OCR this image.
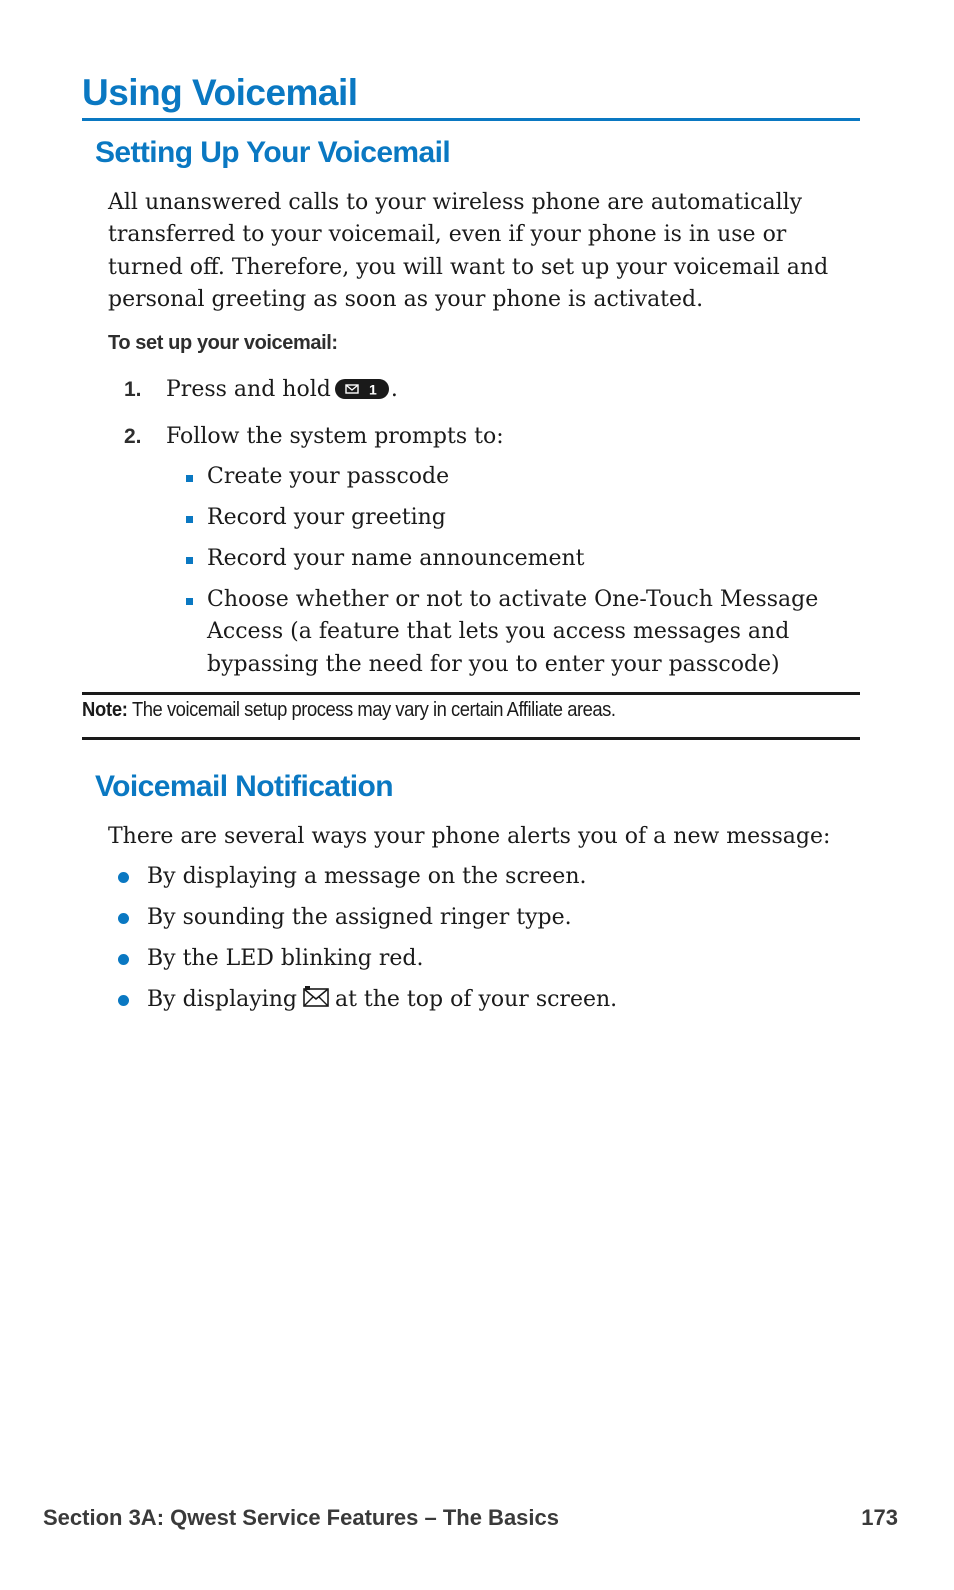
Using Voicemail
Setting Up Your Voicemail

All unanswered calls to your wireless phone are automatically transferred to your voicemail, even if your phone is in use or turned off. Therefore, you will want to set up your voicemail and personal greeting as soon as your phone is activated.

To set up your voicemail:

1. Press and hold	1 .
2. Follow the system prompts to:
Create your passcode
Record your greeting
Record your name announcement
Choose whether or not to activate One-Touch Message Access (a feature that lets you access messages and bypassing the need for you to enter your passcode)
Note: The voicemail setup process may vary in certain Affiliate areas.
Voicemail Notification

There are several ways your phone alerts you of a new message:

By displaying a message on the screen.
By sounding the assigned ringer type.
By the LED blinking red.
By displaying at the top of your screen.
Section 3A: Qwest Service Features – The Basics	173
